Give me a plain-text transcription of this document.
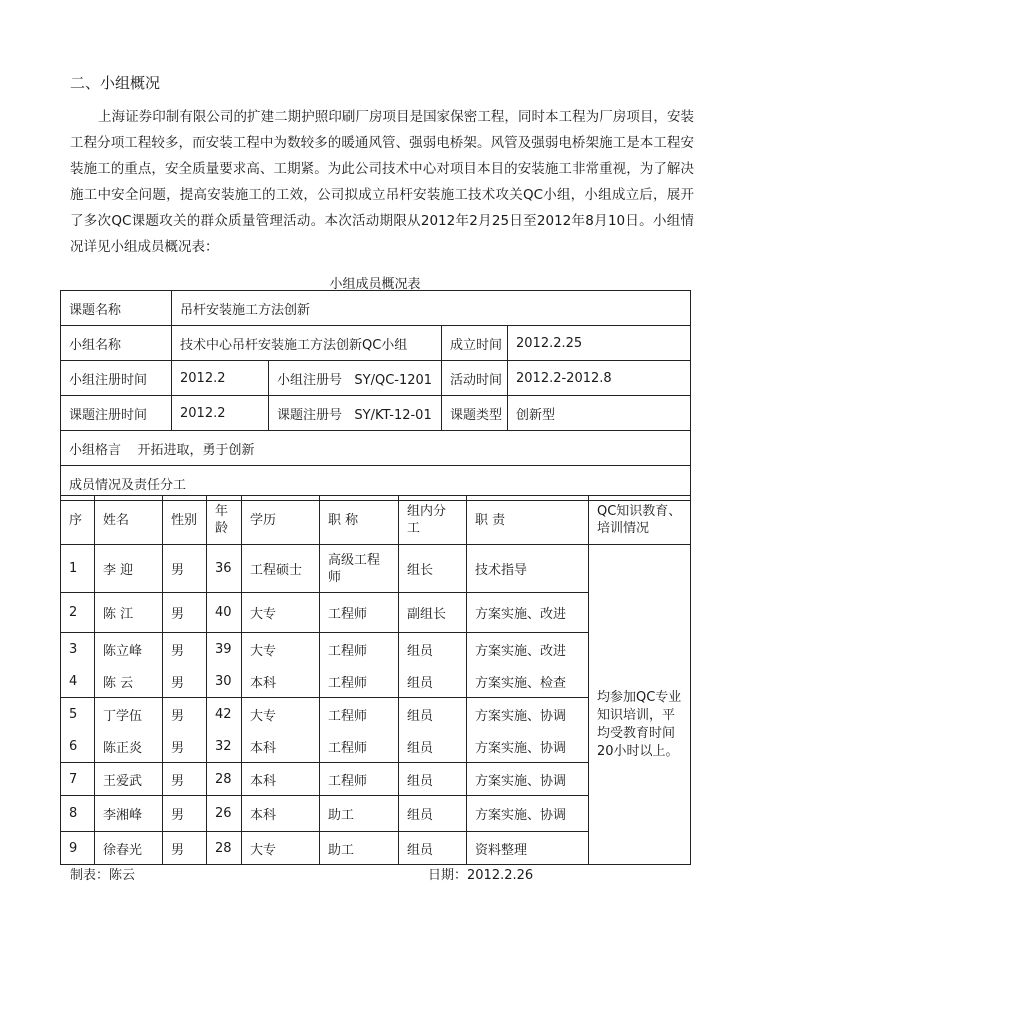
二、小组概况
上海证券印制有限公司的扩建二期护照印刷厂房项目是国家保密工程，同时本工程为厂房项目，安装工程分项工程较多，而安装工程中为数较多的暖通风管、强弱电桥架。风管及强弱电桥架施工是本工程安装施工的重点，安全质量要求高、工期紧。为此公司技术中心对项目本目的安装施工非常重视，为了解决施工中安全问题，提高安装施工的工效，公司拟成立吊杆安装施工技术攻关QC小组，小组成立后，展开了多次QC课题攻关的群众质量管理活动。本次活动期限从2012年2月25日至2012年8月10日。小组情况详见小组成员概况表：
小组成员概况表
课题名称	吊杆安装施工方法创新			
小组名称	技术中心吊杆安装施工方法创新QC小组		成立时间	2012.2.25
小组注册时间	2012.2	小组注册号 SY/QC-1201	活动时间	2012.2-2012.8
课题注册时间	2012.2	课题注册号 SY/KT-12-01	课题类型	创新型
小组格言 开拓进取，勇于创新				
成员情况及责任分工				
序	姓名	性别	年龄	学历	职 称	组内分工	职 责	QC知识教育、培训情况
1	李 迎	男	36	工程硕士	高级工程师	组长	技术指导	均参加QC专业知识培训，平均受教育时间20小时以上。
2	陈 江	男	40	大专	工程师	副组长	方案实施、改进	
3	陈立峰	男	39	大专	工程师	组员	方案实施、改进	
4	陈 云	男	30	本科	工程师	组员	方案实施、检查	
5	丁学伍	男	42	大专	工程师	组员	方案实施、协调	
6	陈正炎	男	32	本科	工程师	组员	方案实施、协调	
7	王爱武	男	28	本科	工程师	组员	方案实施、协调	
8	李湘峰	男	26	本科	助工	组员	方案实施、协调	
9	徐春光	男	28	大专	助工	组员	资料整理	
制表：陈云	日期：2012.2.26
